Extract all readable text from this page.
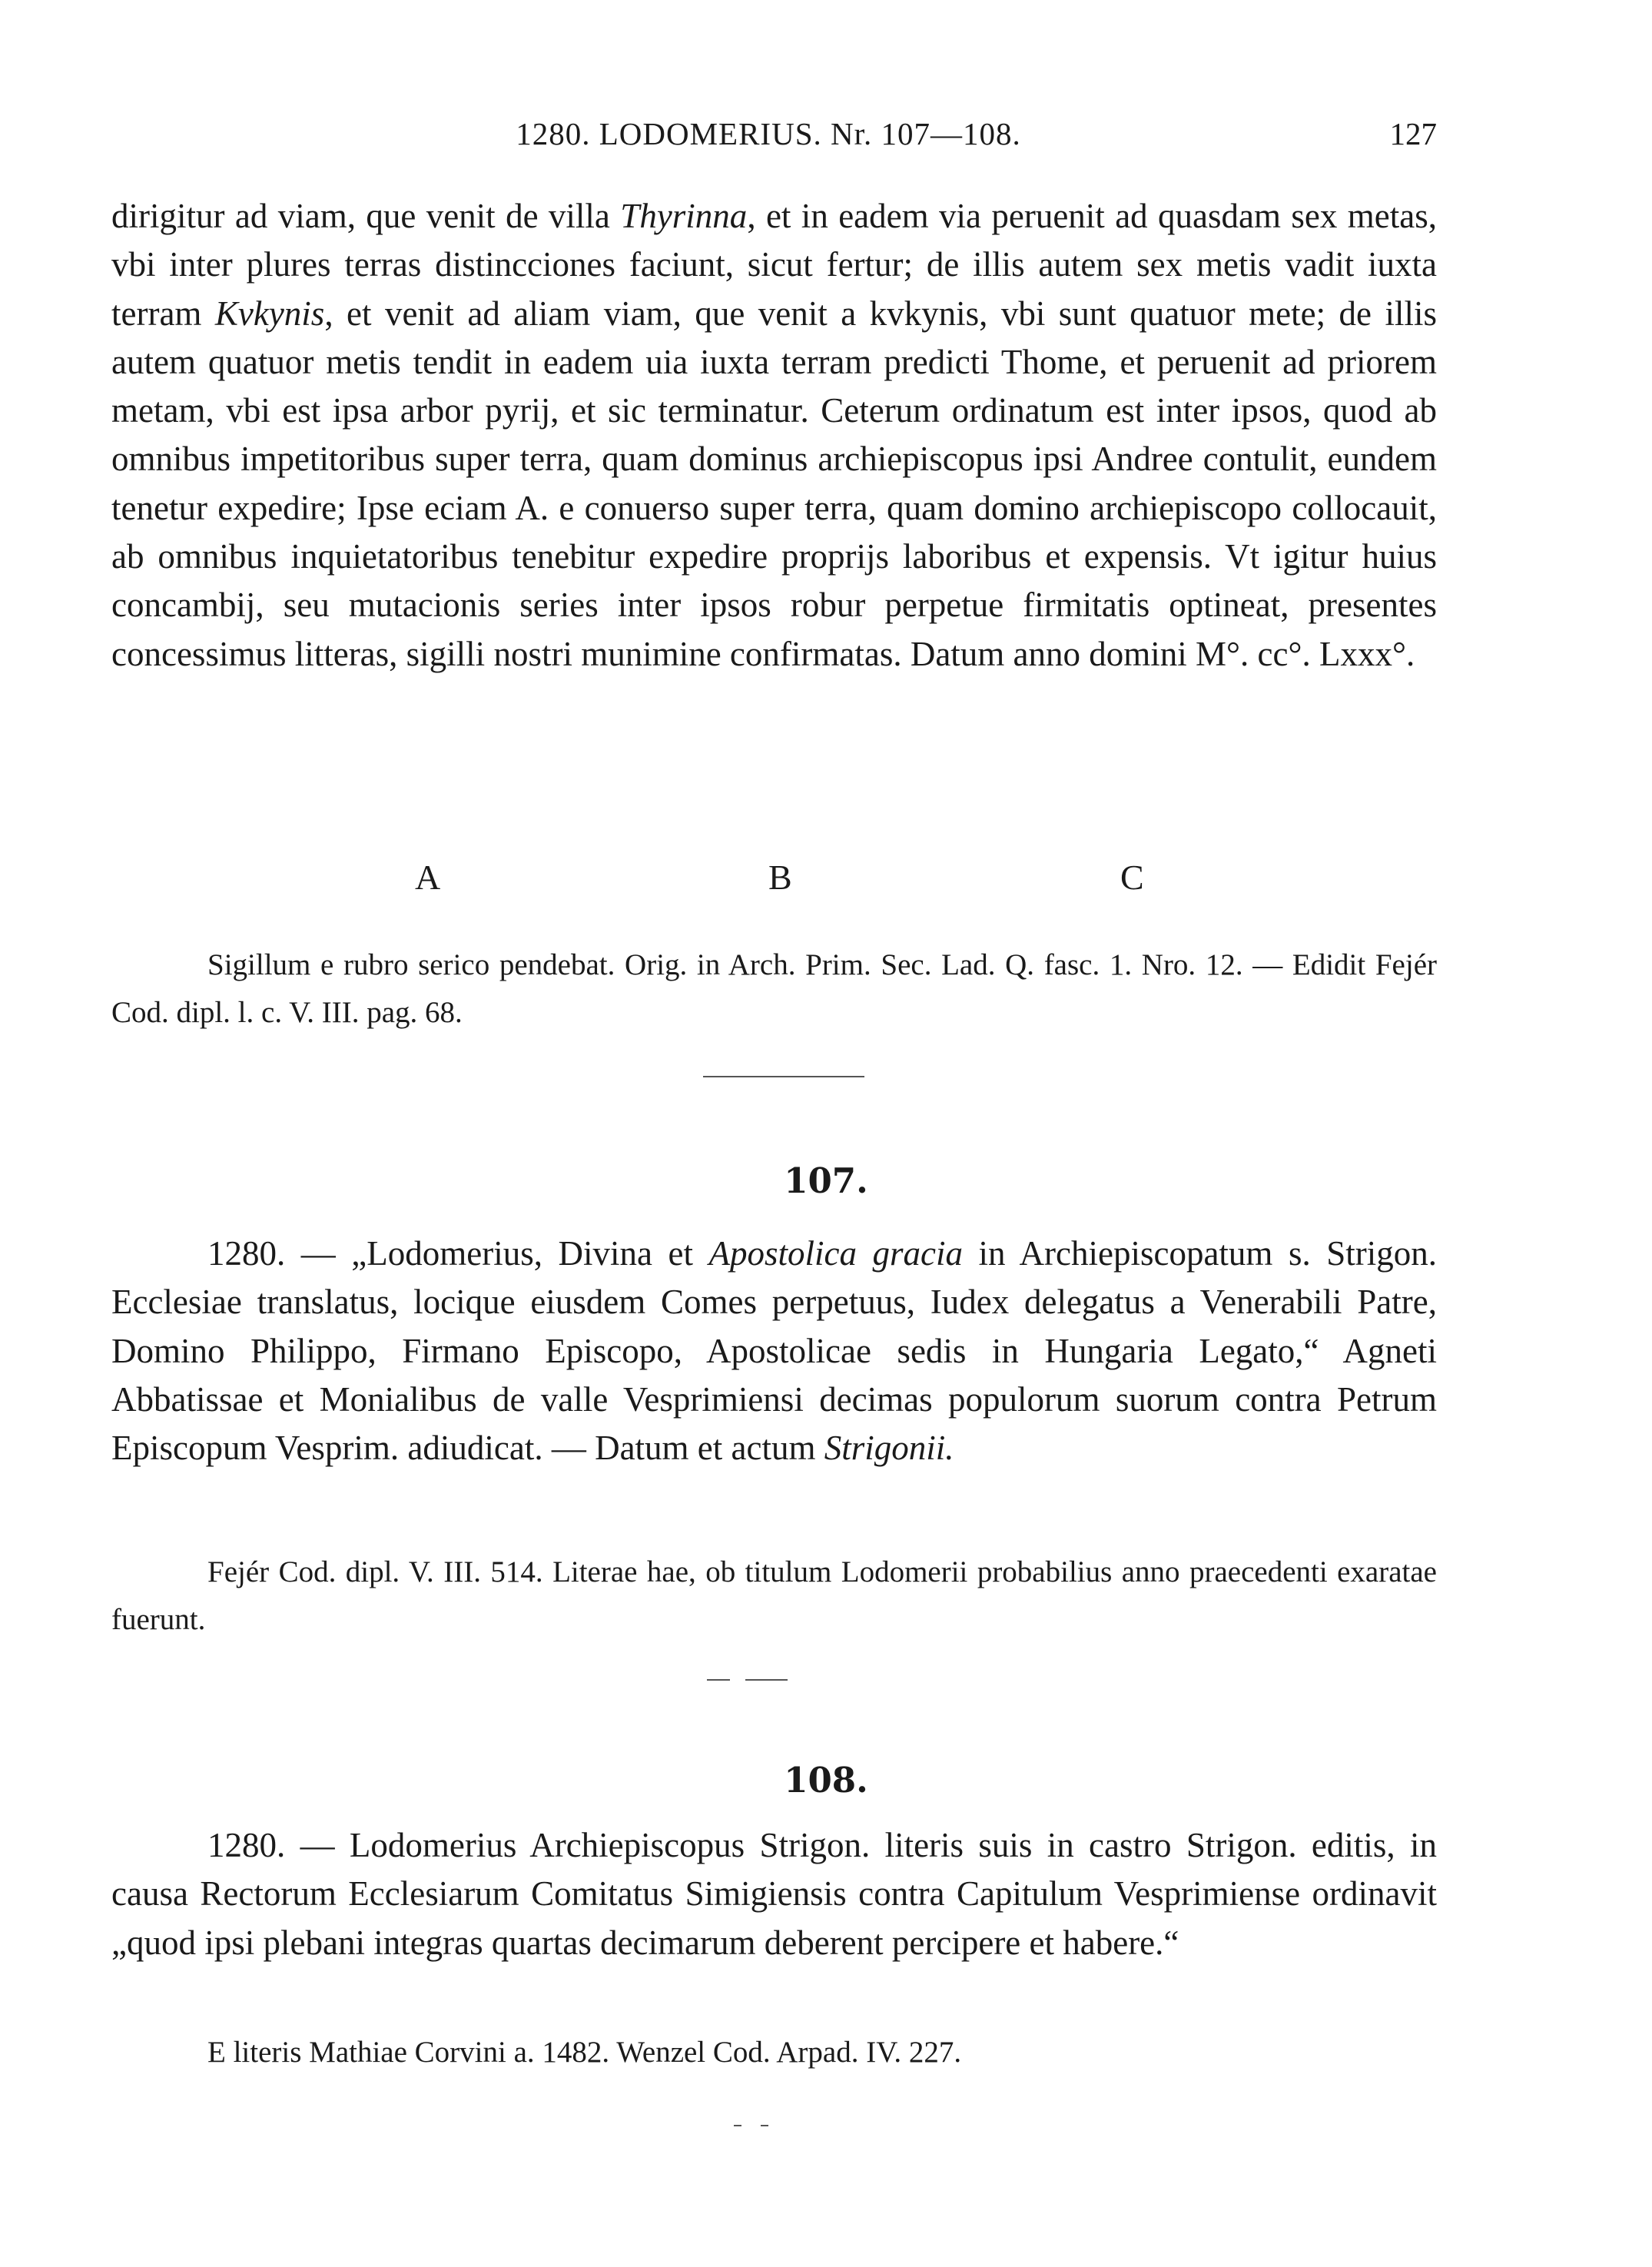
1280. LODOMERIUS. Nr. 107—108.	127

dirigitur ad viam, que venit de villa Thyrinna, et in eadem via peruenit ad quasdam sex metas, vbi inter plures terras distincciones faciunt, sicut fertur; de illis autem sex metis vadit iuxta terram Kvkynis, et venit ad aliam viam, que venit a kvkynis, vbi sunt quatuor mete; de illis autem quatuor metis tendit in eadem uia iuxta terram predicti Thome, et peruenit ad priorem metam, vbi est ipsa arbor pyrij, et sic terminatur. Ceterum ordinatum est inter ipsos, quod ab omnibus impetitoribus super terra, quam dominus archiepiscopus ipsi Andree contulit, eundem tenetur expedire; Ipse eciam A. e conuerso super terra, quam domino archiepiscopo collocauit, ab omnibus inquietatoribus tenebitur expedire proprijs laboribus et expensis. Vt igitur huius concambij, seu mutacionis series inter ipsos robur perpetue firmitatis optineat, presentes concessimus litteras, sigilli nostri munimine confirmatas. Datum anno domini M°. cc°. Lxxx°.

A	B	C

Sigillum e rubro serico pendebat. Orig. in Arch. Prim. Sec. Lad. Q. fasc. 1. Nro. 12. — Edidit Fejér Cod. dipl. l. c. V. III. pag. 68.

107.

1280. — „Lodomerius, Divina et Apostolica gracia in Archiepiscopatum s. Strigon. Ecclesiae translatus, locique eiusdem Comes perpetuus, Iudex delegatus a Venerabili Patre, Domino Philippo, Firmano Episcopo, Apostolicae sedis in Hungaria Legato,“ Agneti Abbatissae et Monialibus de valle Vesprimiensi decimas populorum suorum contra Petrum Episcopum Vesprim. adiudicat. — Datum et actum Strigonii.

Fejér Cod. dipl. V. III. 514. Literae hae, ob titulum Lodomerii probabilius anno praecedenti exaratae fuerunt.

108.

1280. — Lodomerius Archiepiscopus Strigon. literis suis in castro Strigon. editis, in causa Rectorum Ecclesiarum Comitatus Simigiensis contra Capitulum Vesprimiense ordinavit „quod ipsi plebani integras quartas decimarum deberent percipere et habere.“

E literis Mathiae Corvini a. 1482. Wenzel Cod. Arpad. IV. 227.
